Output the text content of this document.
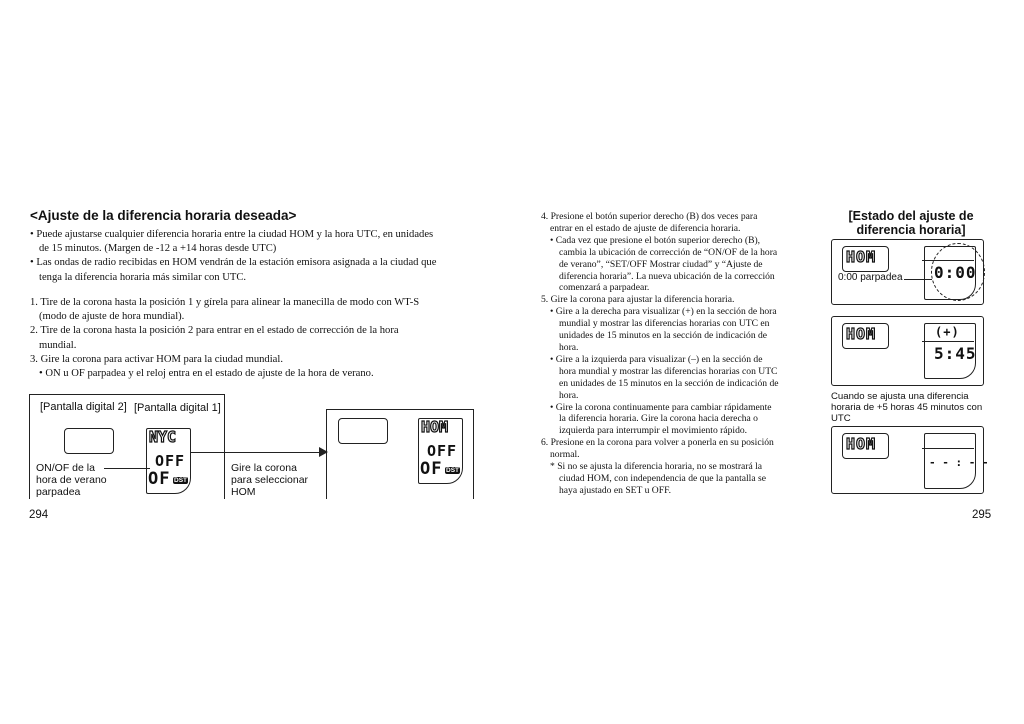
<Ajuste de la diferencia horaria deseada>
• Puede ajustarse cualquier diferencia horaria entre la ciudad HOM y la hora UTC, en unidades
de 15 minutos. (Margen de -12 a +14 horas desde UTC)
• Las ondas de radio recibidas en HOM vendrán de la estación emisora asignada a la ciudad que
tenga la diferencia horaria más similar con UTC.
1. Tire de la corona hasta la posición 1 y gírela para alinear la manecilla de modo con WT-S
(modo de ajuste de hora mundial).
2. Tire de la corona hasta la posición 2 para entrar en el estado de corrección de la hora
mundial.
3. Gire la corona para activar HOM para la ciudad mundial.
• ON u OF parpadea y el reloj entra en el estado de ajuste de la hora de verano.
[Pantalla digital 2] [Pantalla digital 1]
NYC
OFF
OF DST
ON/OF de la
hora de verano
parpadea
Gire la corona
para seleccionar
HOM
HOM
OFF
OF DST
294
4. Presione el botón superior derecho (B) dos veces para
entrar en el estado de ajuste de diferencia horaria.
• Cada vez que presione el botón superior derecho (B),
cambia la ubicación de corrección de “ON/OF de la hora
de verano”, “SET/OFF Mostrar ciudad” y “Ajuste de
diferencia horaria”. La nueva ubicación de la corrección
comenzará a parpadear.
5. Gire la corona para ajustar la diferencia horaria.
• Gire a la derecha para visualizar (+) en la sección de hora
mundial y mostrar las diferencias horarias con UTC en
unidades de 15 minutos en la sección de indicación de
hora.
• Gire a la izquierda para visualizar (–) en la sección de
hora mundial y mostrar las diferencias horarias con UTC
en unidades de 15 minutos en la sección de indicación de
hora.
• Gire la corona continuamente para cambiar rápidamente
la diferencia horaria. Gire la corona hacia derecha o
izquierda para interrumpir el movimiento rápido.
6. Presione en la corona para volver a ponerla en su posición
normal.
* Si no se ajusta la diferencia horaria, no se mostrará la
ciudad HOM, con independencia de que la pantalla se
haya ajustado en SET u OFF.
[Estado del ajuste de
diferencia horaria]
HOM
0:00
0:00 parpadea
HOM	(+)
5:45
Cuando se ajusta una diferencia
horaria de +5 horas 45 minutos con
UTC
HOM
- - : - -
295
